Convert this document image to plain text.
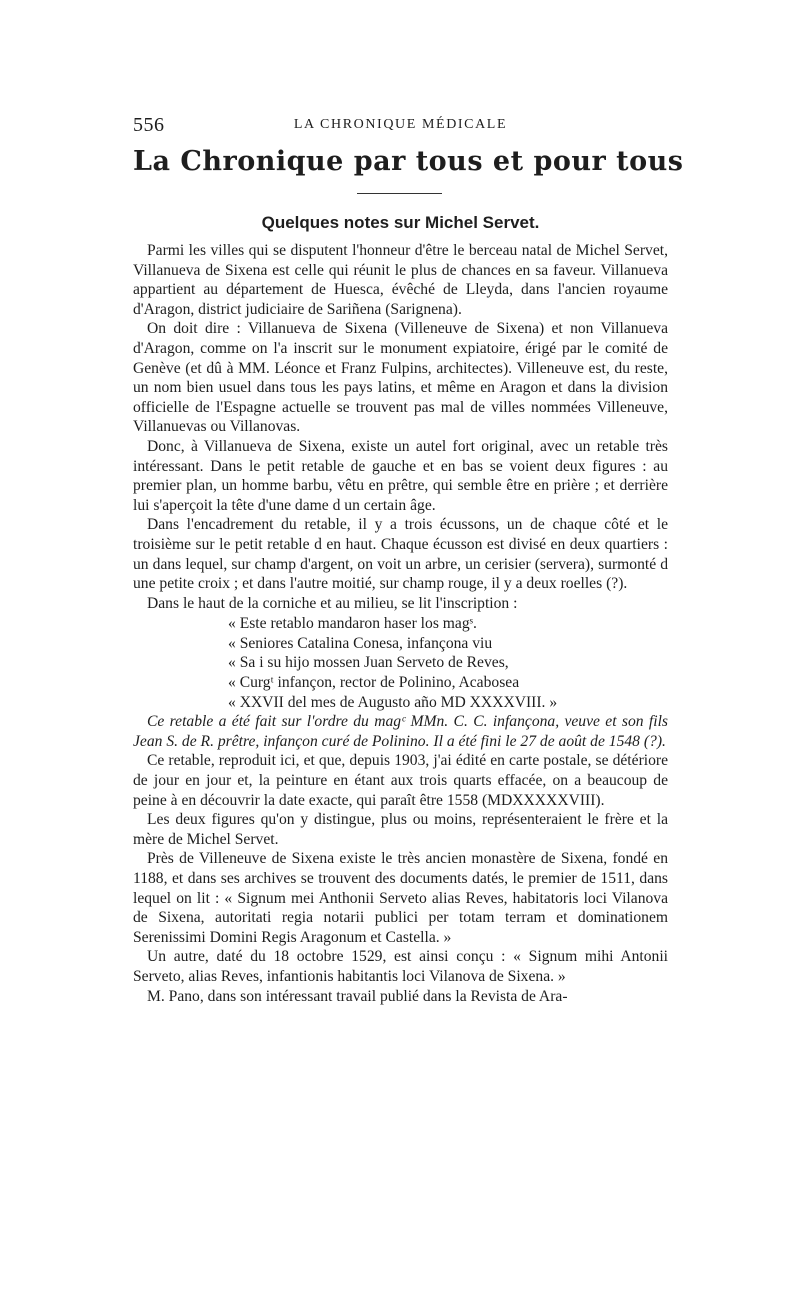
556	LA CHRONIQUE MÉDICALE
La Chronique par tous et pour tous
Quelques notes sur Michel Servet.

Parmi les villes qui se disputent l'honneur d'être le berceau natal de Michel Servet, Villanueva de Sixena est celle qui réunit le plus de chances en sa faveur. Villanueva appartient au département de Huesca, évêché de Lleyda, dans l'ancien royaume d'Aragon, district judiciaire de Sariñena (Sarignena).

On doit dire : Villanueva de Sixena (Villeneuve de Sixena) et non Villanueva d'Aragon, comme on l'a inscrit sur le monument expiatoire, érigé par le comité de Genève (et dû à MM. Léonce et Franz Fulpins, architectes). Villeneuve est, du reste, un nom bien usuel dans tous les pays latins, et même en Aragon et dans la division officielle de l'Espagne actuelle se trouvent pas mal de villes nommées Villeneuve, Villanuevas ou Villanovas.

Donc, à Villanueva de Sixena, existe un autel fort original, avec un retable très intéressant. Dans le petit retable de gauche et en bas se voient deux figures : au premier plan, un homme barbu, vêtu en prêtre, qui semble être en prière ; et derrière lui s'aperçoit la tête d'une dame d un certain âge.

Dans l'encadrement du retable, il y a trois écussons, un de chaque côté et le troisième sur le petit retable d en haut. Chaque écusson est divisé en deux quartiers : un dans lequel, sur champ d'argent, on voit un arbre, un cerisier (servera), surmonté d une petite croix ; et dans l'autre moitié, sur champ rouge, il y a deux roelles (?).

Dans le haut de la corniche et au milieu, se lit l'inscription :

« Este retablo mandaron haser los magˢ.

« Seniores Catalina Conesa, infançona viu

« Sa i su hijo mossen Juan Serveto de Reves,

« Curgᵗ infançon, rector de Polinino, Acabosea

« XXVII del mes de Augusto año MD XXXXVIII. »

Ce retable a été fait sur l'ordre du magᶜ MMn. C. C. infançona, veuve et son fils Jean S. de R. prêtre, infançon curé de Polinino. Il a été fini le 27 de août de 1548 (?).

Ce retable, reproduit ici, et que, depuis 1903, j'ai édité en carte postale, se détériore de jour en jour et, la peinture en étant aux trois quarts effacée, on a beaucoup de peine à en découvrir la date exacte, qui paraît être 1558 (MDXXXXXVIII).

Les deux figures qu'on y distingue, plus ou moins, représenteraient le frère et la mère de Michel Servet.

Près de Villeneuve de Sixena existe le très ancien monastère de Sixena, fondé en 1188, et dans ses archives se trouvent des documents datés, le premier de 1511, dans lequel on lit : « Signum mei Anthonii Serveto alias Reves, habitatoris loci Vilanova de Sixena, autoritati regia notarii publici per totam terram et dominationem Serenissimi Domini Regis Aragonum et Castella. »

Un autre, daté du 18 octobre 1529, est ainsi conçu : « Signum mihi Antonii Serveto, alias Reves, infantionis habitantis loci Vilanova de Sixena. »

M. Pano, dans son intéressant travail publié dans la Revista de Ara-
